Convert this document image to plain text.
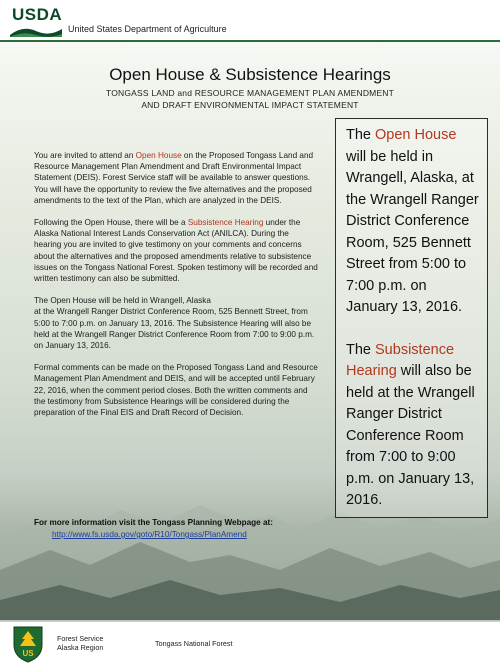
USDA
United States Department of Agriculture
Open House & Subsistence Hearings
TONGASS LAND and RESOURCE MANAGEMENT PLAN AMENDMENT
AND DRAFT ENVIRONMENTAL IMPACT STATEMENT

You are invited to attend an Open House on the Proposed Tongass Land and Resource Management Plan Amendment and Draft Environmental Impact Statement (DEIS). Forest Service staff will be available to answer questions. You will have the opportunity to review the five alternatives and the proposed amendments to the text of the Plan, which are analyzed in the DEIS.

Following the Open House, there will be a Subsistence Hearing under the Alaska National Interest Lands Conservation Act (ANILCA). During the hearing you are invited to give testimony on your comments and concerns about the alternatives and the proposed amendments relative to subsistence issues on the Tongass National Forest. Spoken testimony will be recorded and written testimony can also be submitted.

The Open House will be held in Wrangell, Alaska
at the Wrangell Ranger District Conference Room, 525 Bennett Street, from 5:00 to 7:00 p.m. on January 13, 2016. The Subsistence Hearing will also be held at the Wrangell Ranger District Conference Room from 7:00 to 9:00 p.m. on January 13, 2016.

Formal comments can be made on the Proposed Tongass Land and Resource Management Plan Amendment and DEIS, and will be accepted until February 22, 2016, when the comment period closes. Both the written comments and the testimony from Subsistence Hearings will be considered during the preparation of the Final EIS and Draft Record of Decision.

For more information visit the Tongass Planning Webpage at:
http://www.fs.usda.gov/goto/R10/Tongass/PlanAmend

The Open House will be held in Wrangell, Alaska, at the Wrangell Ranger District Conference Room, 525 Bennett Street from 5:00 to 7:00 p.m. on January 13, 2016.

The Subsistence Hearing will also be held at the Wrangell Ranger District Conference Room from 7:00 to 9:00 p.m. on January 13, 2016.

US
Forest Service
Alaska Region	Tongass National Forest
